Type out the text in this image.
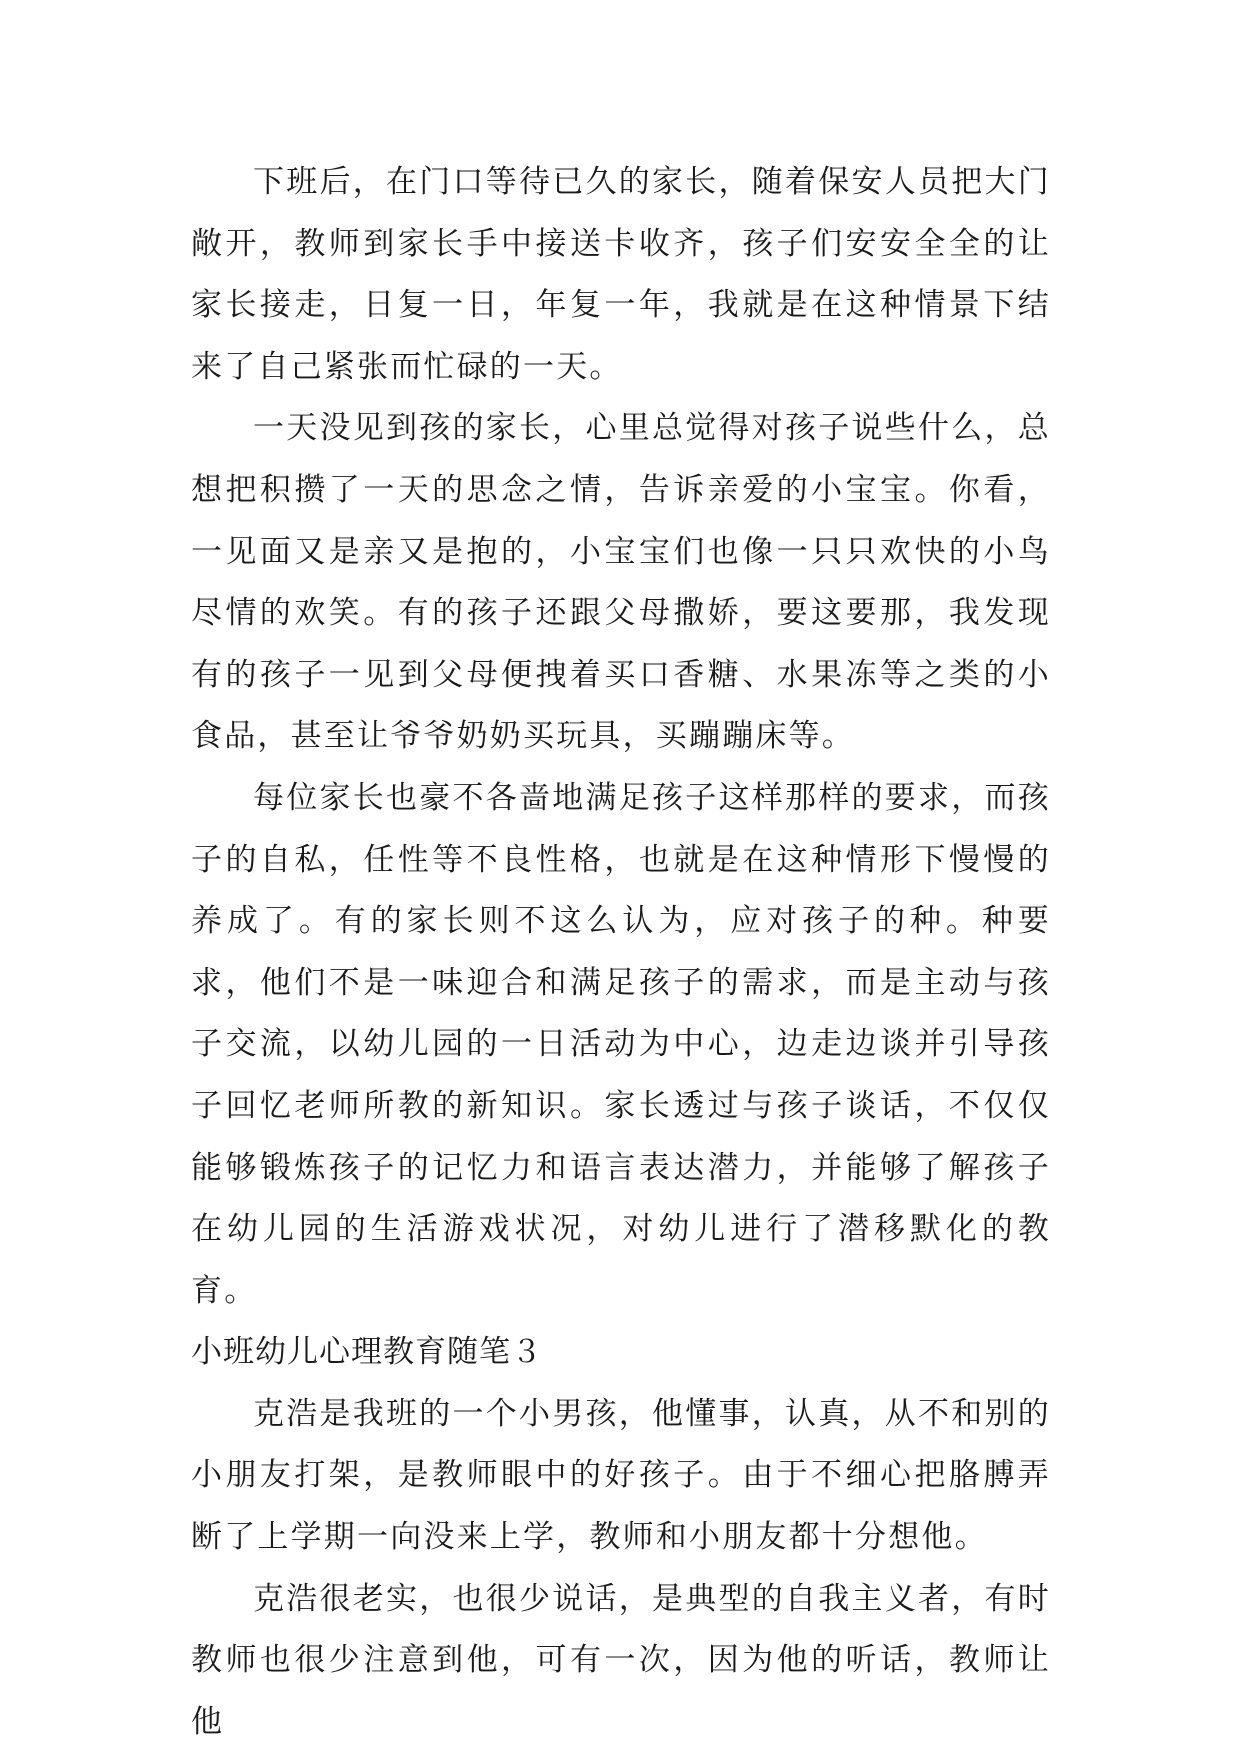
下班后，在门口等待已久的家长，随着保安人员把大门敞开，教师到家长手中接送卡收齐，孩子们安安全全的让家长接走，日复一日，年复一年，我就是在这种情景下结来了自己紧张而忙碌的一天。

一天没见到孩的家长，心里总觉得对孩子说些什么，总想把积攒了一天的思念之情，告诉亲爱的小宝宝。你看，一见面又是亲又是抱的，小宝宝们也像一只只欢快的小鸟尽情的欢笑。有的孩子还跟父母撒娇，要这要那，我发现有的孩子一见到父母便拽着买口香糖、水果冻等之类的小食品，甚至让爷爷奶奶买玩具，买蹦蹦床等。

每位家长也豪不各啬地满足孩子这样那样的要求，而孩子的自私，任性等不良性格，也就是在这种情形下慢慢的养成了。有的家长则不这么认为，应对孩子的种。种要求，他们不是一味迎合和满足孩子的需求，而是主动与孩子交流，以幼儿园的一日活动为中心，边走边谈并引导孩子回忆老师所教的新知识。家长透过与孩子谈话，不仅仅能够锻炼孩子的记忆力和语言表达潜力，并能够了解孩子在幼儿园的生活游戏状况，对幼儿进行了潜移默化的教育。

小班幼儿心理教育随笔３

克浩是我班的一个小男孩，他懂事，认真，从不和别的小朋友打架，是教师眼中的好孩子。由于不细心把胳膊弄断了上学期一向没来上学，教师和小朋友都十分想他。

克浩很老实，也很少说话，是典型的自我主义者，有时教师也很少注意到他，可有一次，因为他的听话，教师让他
